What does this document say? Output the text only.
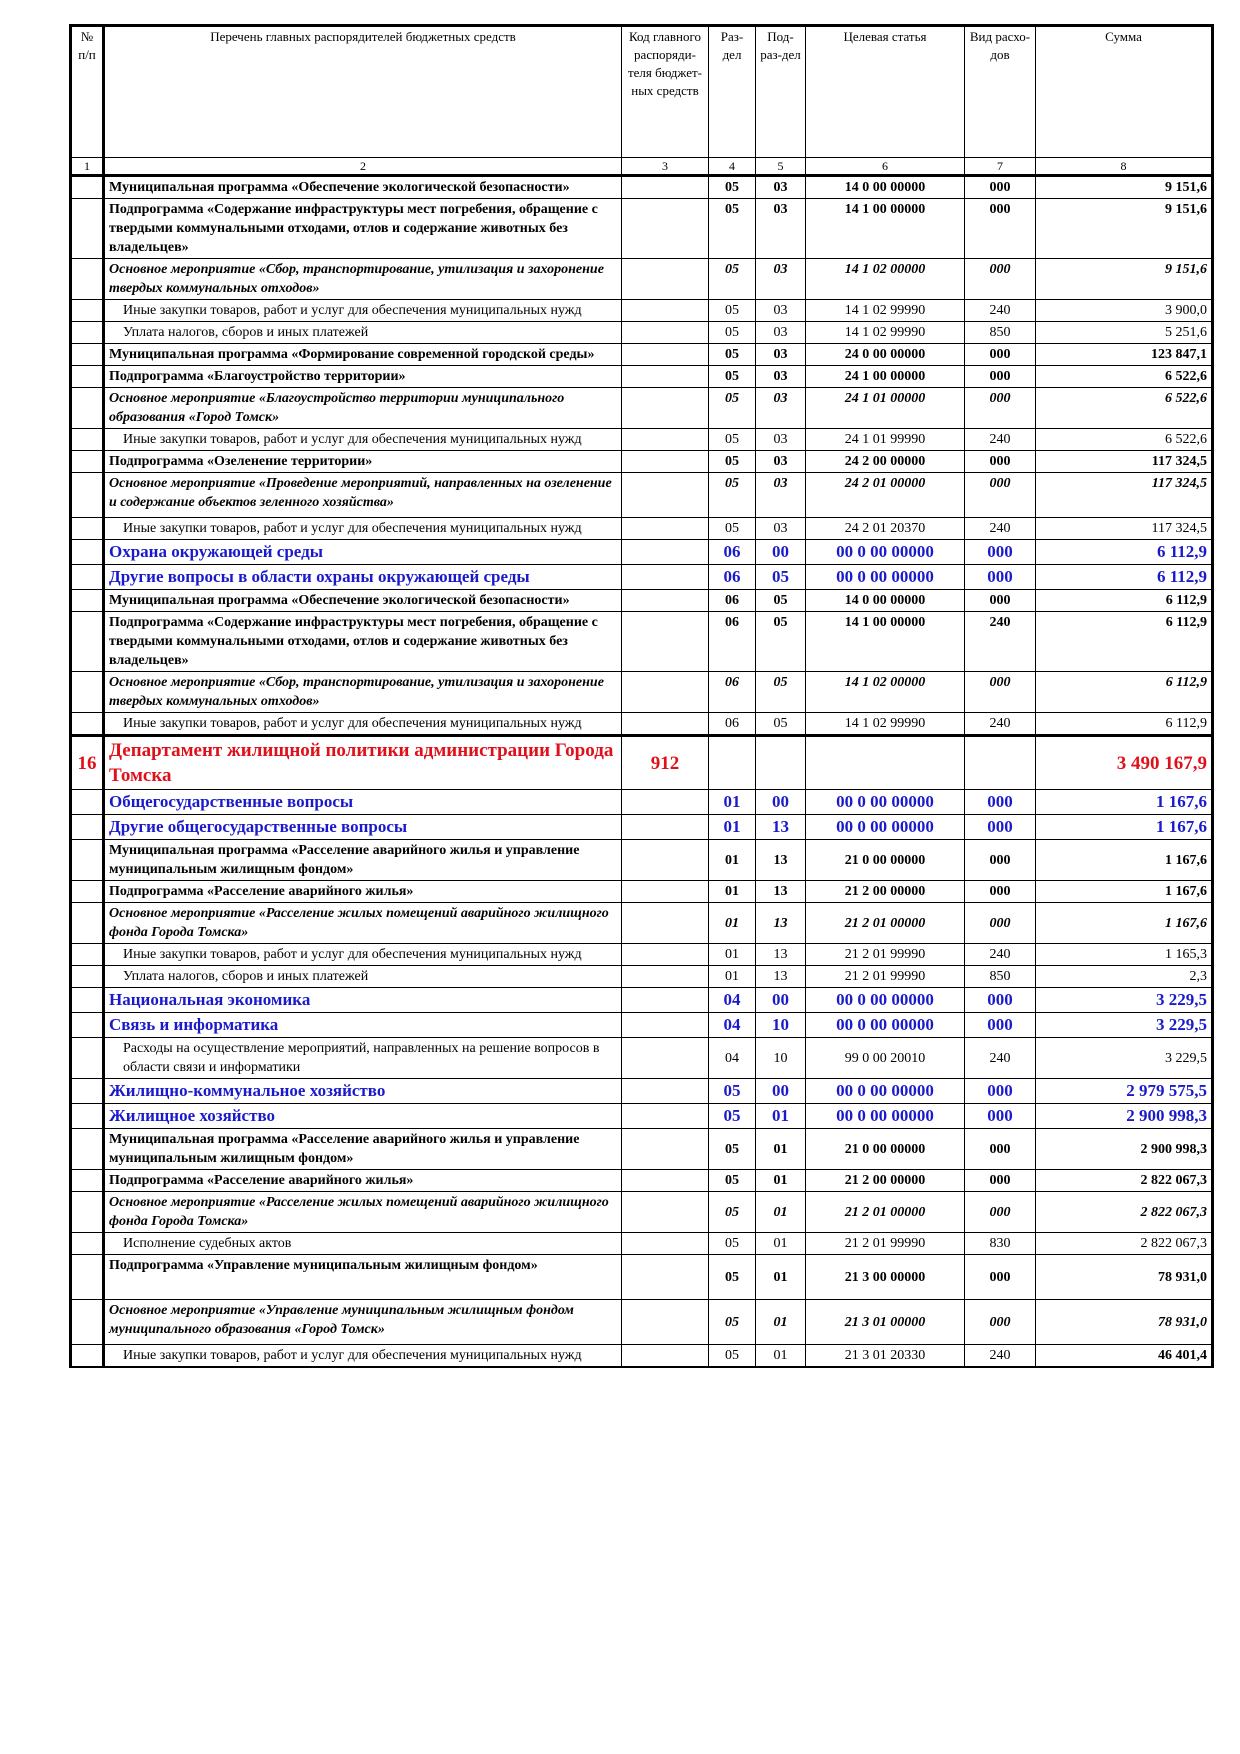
№ п/п	Перечень главных распорядителей бюджетных средств	Код главного распоряди-теля бюджет-ных средств	Раз-дел	Под-раз-дел	Целевая статья	Вид расхо-дов	Сумма
1	2	3	4	5	6	7	8
	Муниципальная программа «Обеспечение экологической безопасности»		05	03	14 0 00 00000	000	9 151,6
	Подпрограмма «Содержание инфраструктуры мест погребения, обращение с твердыми коммунальными отходами, отлов и содержание животных без владельцев»		05	03	14 1 00 00000	000	9 151,6
	Основное мероприятие «Сбор, транспортирование, утилизация и захоронение твердых коммунальных отходов»		05	03	14 1 02 00000	000	9 151,6
	Иные закупки товаров, работ и услуг для обеспечения муниципальных нужд		05	03	14 1 02 99990	240	3 900,0
	Уплата налогов, сборов и иных платежей		05	03	14 1 02 99990	850	5 251,6
	Муниципальная программа «Формирование современной городской среды»		05	03	24 0 00 00000	000	123 847,1
	Подпрограмма «Благоустройство территории»		05	03	24 1 00 00000	000	6 522,6
	Основное мероприятие «Благоустройство территории муниципального образования «Город Томск»		05	03	24 1 01 00000	000	6 522,6
	Иные закупки товаров, работ и услуг для обеспечения муниципальных нужд		05	03	24 1 01 99990	240	6 522,6
	Подпрограмма «Озеленение территории»		05	03	24 2 00 00000	000	117 324,5
	Основное мероприятие «Проведение мероприятий, направленных на озеленение и содержание объектов зеленного хозяйства»		05	03	24 2 01 00000	000	117 324,5
	Иные закупки товаров, работ и услуг для обеспечения муниципальных нужд		05	03	24 2 01 20370	240	117 324,5
	Охрана окружающей среды		06	00	00 0 00 00000	000	6 112,9
	Другие вопросы в области охраны окружающей среды		06	05	00 0 00 00000	000	6 112,9
	Муниципальная программа «Обеспечение экологической безопасности»		06	05	14 0 00 00000	000	6 112,9
	Подпрограмма «Содержание инфраструктуры мест погребения, обращение с твердыми коммунальными отходами, отлов и содержание животных без владельцев»		06	05	14 1 00 00000	240	6 112,9
	Основное мероприятие «Сбор, транспортирование, утилизация и захоронение твердых коммунальных отходов»		06	05	14 1 02 00000	000	6 112,9
	Иные закупки товаров, работ и услуг для обеспечения муниципальных нужд		06	05	14 1 02 99990	240	6 112,9
16	Департамент жилищной политики администрации Города Томска	912					3 490 167,9
	Общегосударственные вопросы		01	00	00 0 00 00000	000	1 167,6
	Другие общегосударственные вопросы		01	13	00 0 00 00000	000	1 167,6
	Муниципальная программа «Расселение аварийного жилья и управление муниципальным жилищным фондом»		01	13	21 0 00 00000	000	1 167,6
	Подпрограмма «Расселение аварийного жилья»		01	13	21 2 00 00000	000	1 167,6
	Основное мероприятие «Расселение жилых помещений аварийного жилищного фонда Города Томска»		01	13	21 2 01 00000	000	1 167,6
	Иные закупки товаров, работ и услуг для обеспечения муниципальных нужд		01	13	21 2 01 99990	240	1 165,3
	Уплата налогов, сборов и иных платежей		01	13	21 2 01 99990	850	2,3
	Национальная экономика		04	00	00 0 00 00000	000	3 229,5
	Связь и информатика		04	10	00 0 00 00000	000	3 229,5
	Расходы на осуществление мероприятий, направленных на решение вопросов в области связи и информатики		04	10	99 0 00 20010	240	3 229,5
	Жилищно-коммунальное хозяйство		05	00	00 0 00 00000	000	2 979 575,5
	Жилищное хозяйство		05	01	00 0 00 00000	000	2 900 998,3
	Муниципальная программа «Расселение аварийного жилья и управление муниципальным жилищным фондом»		05	01	21 0 00 00000	000	2 900 998,3
	Подпрограмма «Расселение аварийного жилья»		05	01	21 2 00 00000	000	2 822 067,3
	Основное мероприятие «Расселение жилых помещений аварийного жилищного фонда Города Томска»		05	01	21 2 01 00000	000	2 822 067,3
	Исполнение судебных актов		05	01	21 2 01 99990	830	2 822 067,3
	Подпрограмма «Управление муниципальным жилищным фондом»		05	01	21 3 00 00000	000	78 931,0
	Основное мероприятие «Управление муниципальным жилищным фондом муниципального образования «Город Томск»		05	01	21 3 01 00000	000	78 931,0
	Иные закупки товаров, работ и услуг для обеспечения муниципальных нужд		05	01	21 3 01 20330	240	46 401,4
